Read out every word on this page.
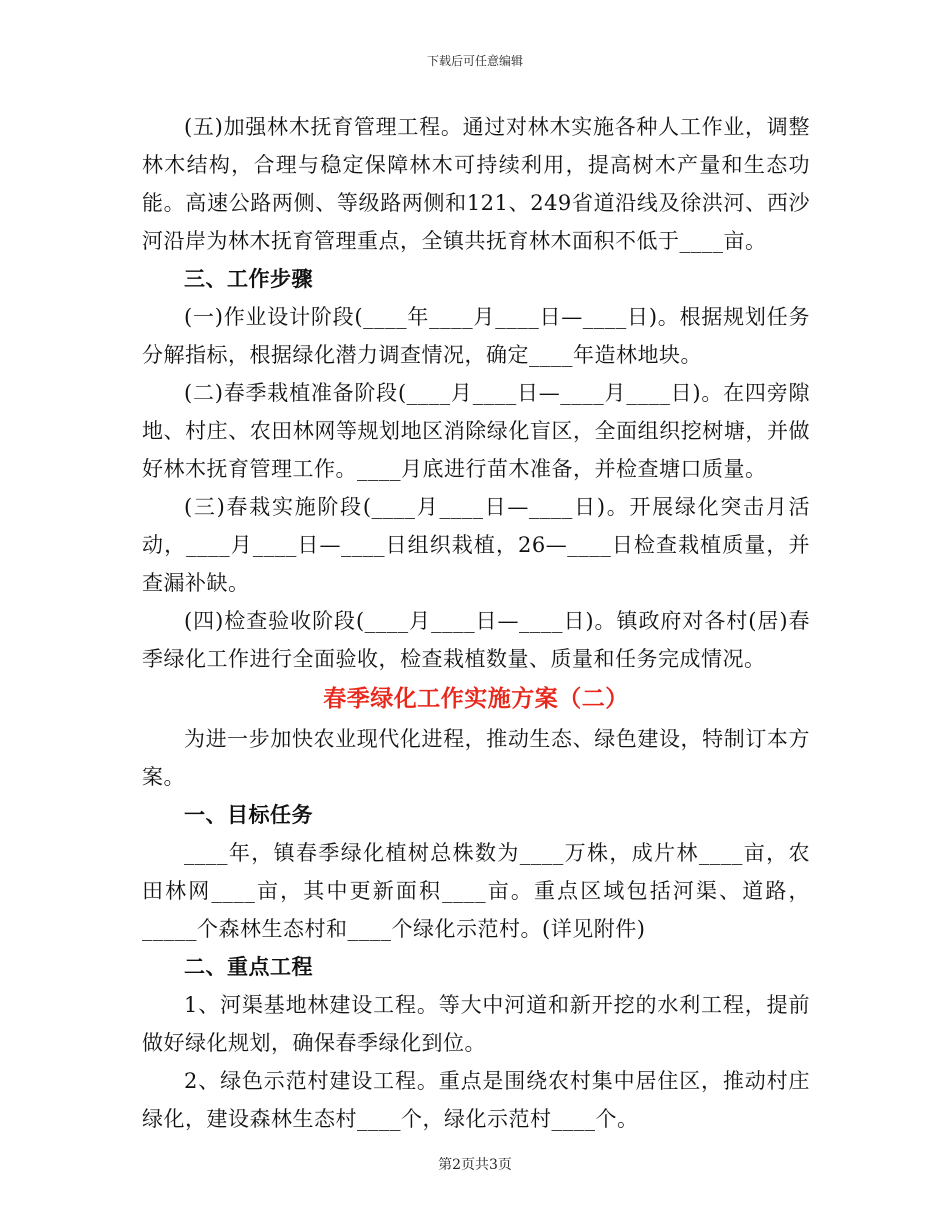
下载后可任意编辑

(五)加强林木抚育管理工程。通过对林木实施各种人工作业，调整林木结构，合理与稳定保障林木可持续利用，提高树木产量和生态功能。高速公路两侧、等级路两侧和121、249省道沿线及徐洪河、西沙河沿岸为林木抚育管理重点，全镇共抚育林木面积不低于____亩。

三、工作步骤

(一)作业设计阶段(____年____月____日—____日)。根据规划任务分解指标，根据绿化潜力调查情况，确定____年造林地块。

(二)春季栽植准备阶段(____月____日—____月____日)。在四旁隙地、村庄、农田林网等规划地区消除绿化盲区，全面组织挖树塘，并做好林木抚育管理工作。____月底进行苗木准备，并检查塘口质量。

(三)春栽实施阶段(____月____日—____日)。开展绿化突击月活动，____月____日—____日组织栽植，26—____日检查栽植质量，并查漏补缺。

(四)检查验收阶段(____月____日—____日)。镇政府对各村(居)春季绿化工作进行全面验收，检查栽植数量、质量和任务完成情况。

春季绿化工作实施方案（二）

为进一步加快农业现代化进程，推动生态、绿色建设，特制订本方案。

一、目标任务

____年，镇春季绿化植树总株数为____万株，成片林____亩，农田林网____亩，其中更新面积____亩。重点区域包括河渠、道路，_____个森林生态村和____个绿化示范村。(详见附件)

二、重点工程

1、河渠基地林建设工程。等大中河道和新开挖的水利工程，提前做好绿化规划，确保春季绿化到位。

2、绿色示范村建设工程。重点是围绕农村集中居住区，推动村庄绿化，建设森林生态村____个，绿化示范村____个。

第2页共3页
